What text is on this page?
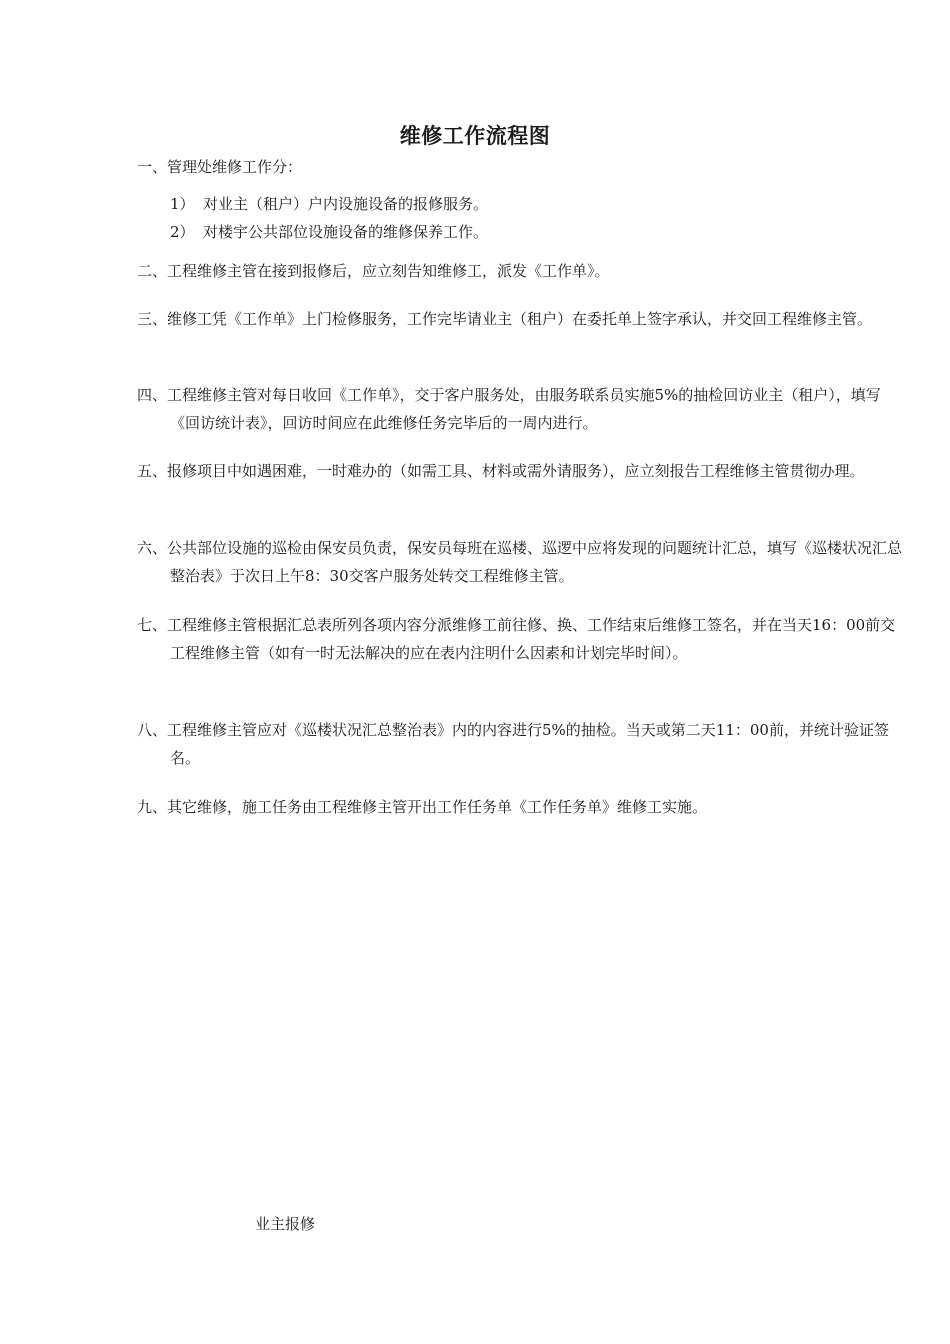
维修工作流程图
一、管理处维修工作分：
1） 对业主（租户）户内设施设备的报修服务。
2） 对楼宇公共部位设施设备的维修保养工作。
二、工程维修主管在接到报修后，应立刻告知维修工，派发《工作单》。
三、维修工凭《工作单》上门检修服务，工作完毕请业主（租户）在委托单上签字承认，并交回工程维修主管。
四、工程维修主管对每日收回《工作单》，交于客户服务处，由服务联系员实施5%的抽检回访业主（租户），填写《回访统计表》，回访时间应在此维修任务完毕后的一周内进行。
五、报修项目中如遇困难，一时难办的（如需工具、材料或需外请服务），应立刻报告工程维修主管贯彻办理。
六、公共部位设施的巡检由保安员负责，保安员每班在巡楼、巡逻中应将发现的问题统计汇总，填写《巡楼状况汇总整治表》于次日上午8：30交客户服务处转交工程维修主管。
七、工程维修主管根据汇总表所列各项内容分派维修工前往修、换、工作结束后维修工签名，并在当天16：00前交工程维修主管（如有一时无法解决的应在表内注明什么因素和计划完毕时间）。
八、工程维修主管应对《巡楼状况汇总整治表》内的内容进行5%的抽检。当天或第二天11：00前，并统计验证签名。
九、其它维修，施工任务由工程维修主管开出工作任务单《工作任务单》维修工实施。
业主报修
